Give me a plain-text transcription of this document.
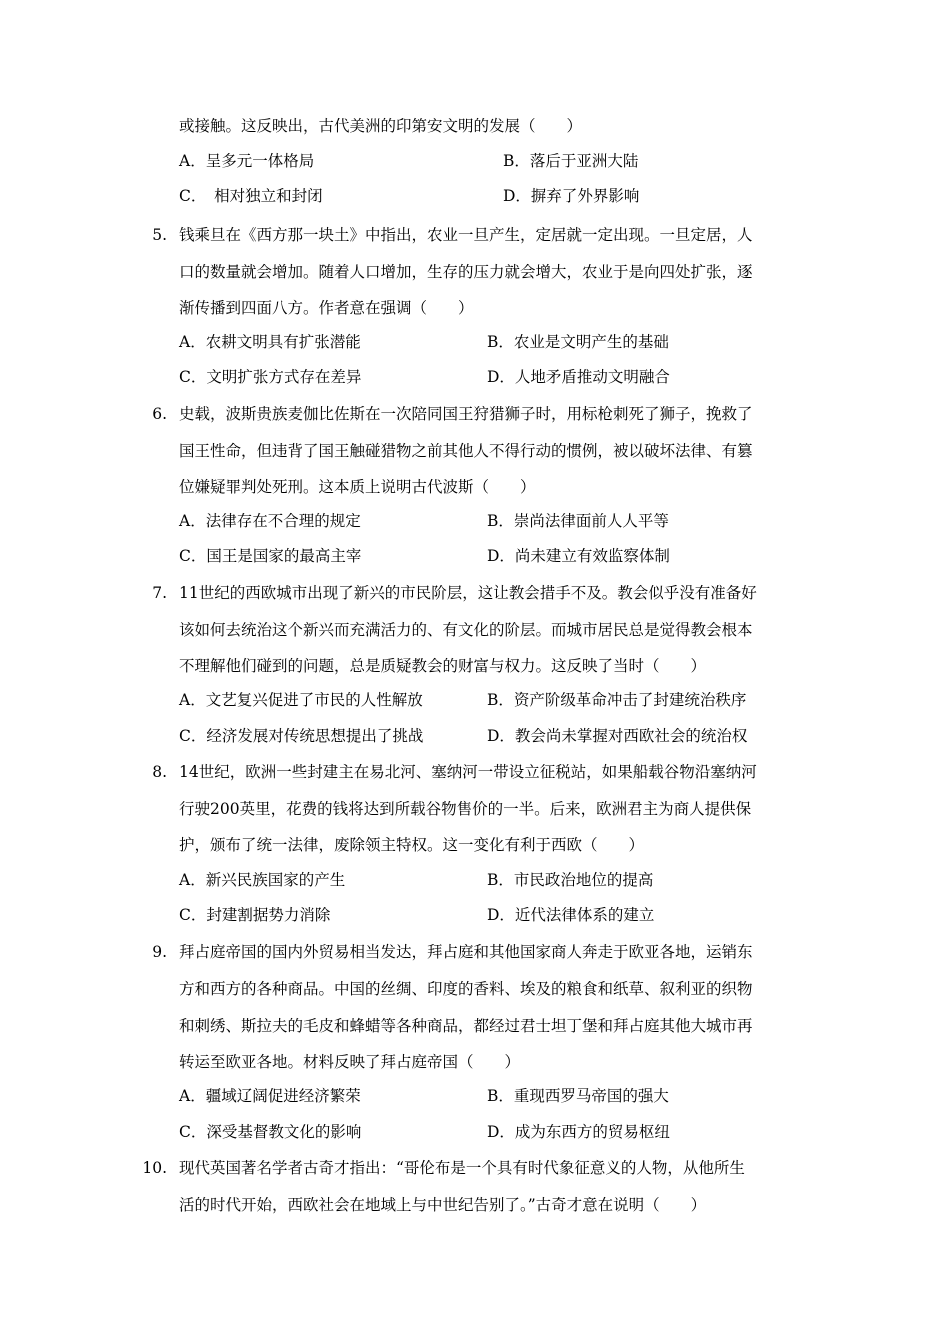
或接触。这反映出，古代美洲的印第安文明的发展（　　）
A．呈多元一体格局	B．落后于亚洲大陆
C．　相对独立和封闭	D．摒弃了外界影响
5. 钱乘旦在《西方那一块土》中指出，农业一旦产生，定居就一定出现。一旦定居，人
口的数量就会增加。随着人口增加，生存的压力就会增大，农业于是向四处扩张，逐
渐传播到四面八方。作者意在强调（　　）
A．农耕文明具有扩张潜能	B．农业是文明产生的基础
C．文明扩张方式存在差异	D．人地矛盾推动文明融合
6. 史载，波斯贵族麦伽比佐斯在一次陪同国王狩猎狮子时，用标枪刺死了狮子，挽救了
国王性命，但违背了国王触碰猎物之前其他人不得行动的惯例，被以破坏法律、有篡
位嫌疑罪判处死刑。这本质上说明古代波斯（　　）
A．法律存在不合理的规定	B．崇尚法律面前人人平等
C．国王是国家的最高主宰	D．尚未建立有效监察体制
7. 11世纪的西欧城市出现了新兴的市民阶层，这让教会措手不及。教会似乎没有准备好
该如何去统治这个新兴而充满活力的、有文化的阶层。而城市居民总是觉得教会根本
不理解他们碰到的问题，总是质疑教会的财富与权力。这反映了当时（　　）
A．文艺复兴促进了市民的人性解放	B．资产阶级革命冲击了封建统治秩序
C．经济发展对传统思想提出了挑战	D．教会尚未掌握对西欧社会的统治权
8. 14世纪，欧洲一些封建主在易北河、塞纳河一带设立征税站，如果船载谷物沿塞纳河
行驶200英里，花费的钱将达到所载谷物售价的一半。后来，欧洲君主为商人提供保
护，颁布了统一法律，废除领主特权。这一变化有利于西欧（　　）
A．新兴民族国家的产生	B．市民政治地位的提高
C．封建割据势力消除	D．近代法律体系的建立
9. 拜占庭帝国的国内外贸易相当发达，拜占庭和其他国家商人奔走于欧亚各地，运销东
方和西方的各种商品。中国的丝绸、印度的香料、埃及的粮食和纸草、叙利亚的织物
和刺绣、斯拉夫的毛皮和蜂蜡等各种商品，都经过君士坦丁堡和拜占庭其他大城市再
转运至欧亚各地。材料反映了拜占庭帝国（　　）
A．疆域辽阔促进经济繁荣	B．重现西罗马帝国的强大
C．深受基督教文化的影响	D．成为东西方的贸易枢纽
10. 现代英国著名学者古奇才指出：“哥伦布是一个具有时代象征意义的人物，从他所生
活的时代开始，西欧社会在地域上与中世纪告别了。”古奇才意在说明（　　）
